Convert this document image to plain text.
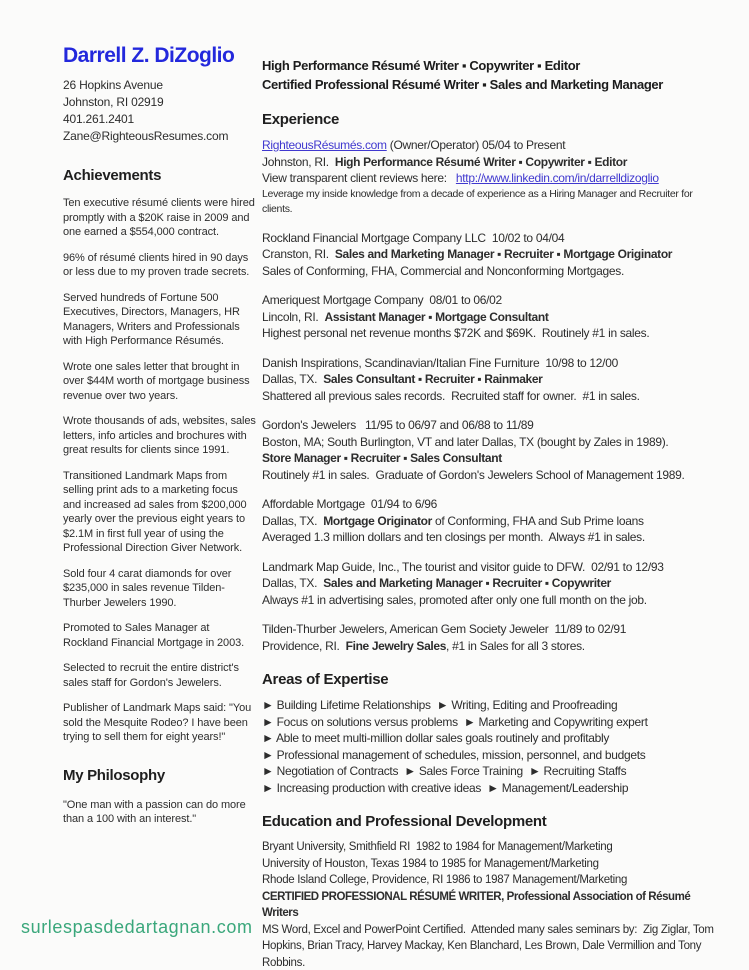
Darrell Z. DiZoglio
26 Hopkins Avenue
Johnston, RI 02919
401.261.2401
Zane@RighteousResumes.com
Achievements

Ten executive résumé clients were hired promptly with a $20K raise in 2009 and one earned a $554,000 contract.

96% of résumé clients hired in 90 days or less due to my proven trade secrets.

Served hundreds of Fortune 500 Executives, Directors, Managers, HR Managers, Writers and Professionals with High Performance Résumés.

Wrote one sales letter that brought in over $44M worth of mortgage business revenue over two years.

Wrote thousands of ads, websites, sales letters, info articles and brochures with great results for clients since 1991.

Transitioned Landmark Maps from selling print ads to a marketing focus and increased ad sales from $200,000 yearly over the previous eight years to $2.1M in first full year of using the Professional Direction Giver Network.

Sold four 4 carat diamonds for over $235,000 in sales revenue Tilden-Thurber Jewelers 1990.

Promoted to Sales Manager at Rockland Financial Mortgage in 2003.

Selected to recruit the entire district's sales staff for Gordon's Jewelers.

Publisher of Landmark Maps said: "You sold the Mesquite Rodeo? I have been trying to sell them for eight years!"

My Philosophy

"One man with a passion can do more than a 100 with an interest."

High Performance Résumé Writer ▪ Copywriter ▪ Editor
Certified Professional Résumé Writer ▪ Sales and Marketing Manager
Experience
RighteousRésumés.com (Owner/Operator) 05/04 to Present
Johnston, RI.  High Performance Résumé Writer ▪ Copywriter ▪ Editor
View transparent client reviews here:   http://www.linkedin.com/in/darrelldizoglio
Leverage my inside knowledge from a decade of experience as a Hiring Manager and Recruiter for clients.
Rockland Financial Mortgage Company LLC  10/02 to 04/04
Cranston, RI.  Sales and Marketing Manager ▪ Recruiter ▪ Mortgage Originator
Sales of Conforming, FHA, Commercial and Nonconforming Mortgages.
Ameriquest Mortgage Company  08/01 to 06/02
Lincoln, RI.  Assistant Manager ▪ Mortgage Consultant
Highest personal net revenue months $72K and $69K.  Routinely #1 in sales.
Danish Inspirations, Scandinavian/Italian Fine Furniture  10/98 to 12/00
Dallas, TX.  Sales Consultant ▪ Recruiter ▪ Rainmaker
Shattered all previous sales records.  Recruited staff for owner.  #1 in sales.
Gordon's Jewelers   11/95 to 06/97 and 06/88 to 11/89
Boston, MA; South Burlington, VT and later Dallas, TX (bought by Zales in 1989).
Store Manager ▪ Recruiter ▪ Sales Consultant
Routinely #1 in sales.  Graduate of Gordon's Jewelers School of Management 1989.
Affordable Mortgage  01/94 to 6/96
Dallas, TX.  Mortgage Originator of Conforming, FHA and Sub Prime loans
Averaged 1.3 million dollars and ten closings per month.  Always #1 in sales.
Landmark Map Guide, Inc., The tourist and visitor guide to DFW.  02/91 to 12/93
Dallas, TX.  Sales and Marketing Manager ▪ Recruiter ▪ Copywriter
Always #1 in advertising sales, promoted after only one full month on the job.
Tilden-Thurber Jewelers, American Gem Society Jeweler  11/89 to 02/91
Providence, RI.  Fine Jewelry Sales, #1 in Sales for all 3 stores.
Areas of Expertise
► Building Lifetime Relationships  ► Writing, Editing and Proofreading
► Focus on solutions versus problems  ► Marketing and Copywriting expert
► Able to meet multi-million dollar sales goals routinely and profitably
► Professional management of schedules, mission, personnel, and budgets
► Negotiation of Contracts  ► Sales Force Training  ► Recruiting Staffs
► Increasing production with creative ideas  ► Management/Leadership
Education and Professional Development
Bryant University, Smithfield RI  1982 to 1984 for Management/Marketing
University of Houston, Texas 1984 to 1985 for Management/Marketing
Rhode Island College, Providence, RI 1986 to 1987 Management/Marketing
CERTIFIED PROFESSIONAL RÉSUMÉ WRITER, Professional Association of Résumé Writers
MS Word, Excel and PowerPoint Certified.  Attended many sales seminars by:  Zig Ziglar, Tom Hopkins, Brian Tracy, Harvey Mackay, Ken Blanchard, Les Brown, Dale Vermillion and Tony Robbins.
surlespasdedartagnan.com
